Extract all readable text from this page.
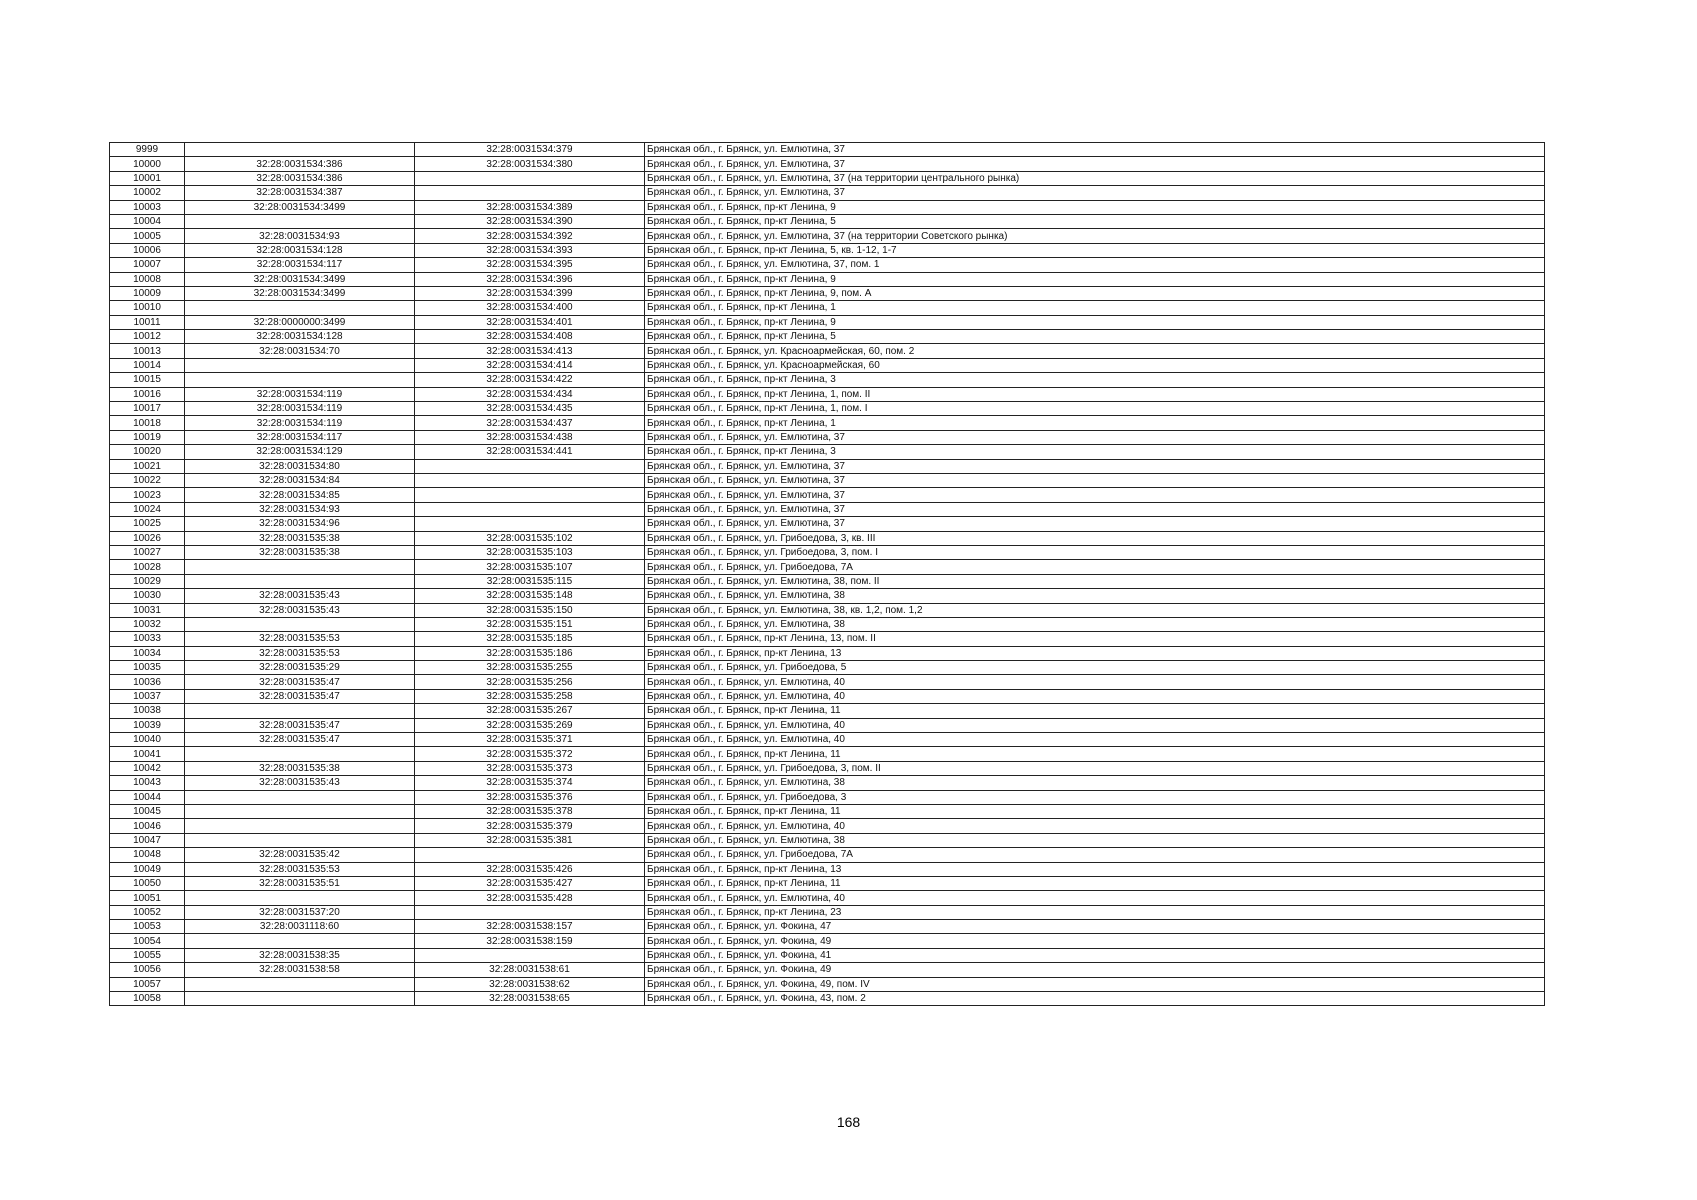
9999		32:28:0031534:379	Брянская обл., г. Брянск, ул. Емлютина, 37
10000	32:28:0031534:386	32:28:0031534:380	Брянская обл., г. Брянск, ул. Емлютина, 37
10001	32:28:0031534:386		Брянская обл., г. Брянск, ул. Емлютина, 37 (на территории центрального рынка)
10002	32:28:0031534:387		Брянская обл., г. Брянск, ул. Емлютина, 37
10003	32:28:0031534:3499	32:28:0031534:389	Брянская обл., г. Брянск, пр-кт Ленина, 9
10004		32:28:0031534:390	Брянская обл., г. Брянск, пр-кт Ленина, 5
10005	32:28:0031534:93	32:28:0031534:392	Брянская обл., г. Брянск, ул. Емлютина, 37 (на территории Советского рынка)
10006	32:28:0031534:128	32:28:0031534:393	Брянская обл., г. Брянск, пр-кт Ленина, 5, кв. 1-12, 1-7
10007	32:28:0031534:117	32:28:0031534:395	Брянская обл., г. Брянск, ул. Емлютина, 37, пом. 1
10008	32:28:0031534:3499	32:28:0031534:396	Брянская обл., г. Брянск, пр-кт Ленина, 9
10009	32:28:0031534:3499	32:28:0031534:399	Брянская обл., г. Брянск, пр-кт Ленина, 9, пом. А
10010		32:28:0031534:400	Брянская обл., г. Брянск, пр-кт Ленина, 1
10011	32:28:0000000:3499	32:28:0031534:401	Брянская обл., г. Брянск, пр-кт Ленина, 9
10012	32:28:0031534:128	32:28:0031534:408	Брянская обл., г. Брянск, пр-кт Ленина, 5
10013	32:28:0031534:70	32:28:0031534:413	Брянская обл., г. Брянск, ул. Красноармейская, 60, пом. 2
10014		32:28:0031534:414	Брянская обл., г. Брянск, ул. Красноармейская, 60
10015		32:28:0031534:422	Брянская обл., г. Брянск, пр-кт Ленина, 3
10016	32:28:0031534:119	32:28:0031534:434	Брянская обл., г. Брянск, пр-кт Ленина, 1, пом. II
10017	32:28:0031534:119	32:28:0031534:435	Брянская обл., г. Брянск, пр-кт Ленина, 1, пом. I
10018	32:28:0031534:119	32:28:0031534:437	Брянская обл., г. Брянск, пр-кт Ленина, 1
10019	32:28:0031534:117	32:28:0031534:438	Брянская обл., г. Брянск, ул. Емлютина, 37
10020	32:28:0031534:129	32:28:0031534:441	Брянская обл., г. Брянск, пр-кт Ленина, 3
10021	32:28:0031534:80		Брянская обл., г. Брянск, ул. Емлютина, 37
10022	32:28:0031534:84		Брянская обл., г. Брянск, ул. Емлютина, 37
10023	32:28:0031534:85		Брянская обл., г. Брянск, ул. Емлютина, 37
10024	32:28:0031534:93		Брянская обл., г. Брянск, ул. Емлютина, 37
10025	32:28:0031534:96		Брянская обл., г. Брянск, ул. Емлютина, 37
10026	32:28:0031535:38	32:28:0031535:102	Брянская обл., г. Брянск, ул. Грибоедова, 3, кв. III
10027	32:28:0031535:38	32:28:0031535:103	Брянская обл., г. Брянск, ул. Грибоедова, 3, пом. I
10028		32:28:0031535:107	Брянская обл., г. Брянск, ул. Грибоедова, 7А
10029		32:28:0031535:115	Брянская обл., г. Брянск, ул. Емлютина, 38, пом. II
10030	32:28:0031535:43	32:28:0031535:148	Брянская обл., г. Брянск, ул. Емлютина, 38
10031	32:28:0031535:43	32:28:0031535:150	Брянская обл., г. Брянск, ул. Емлютина, 38, кв. 1,2, пом. 1,2
10032		32:28:0031535:151	Брянская обл., г. Брянск, ул. Емлютина, 38
10033	32:28:0031535:53	32:28:0031535:185	Брянская обл., г. Брянск, пр-кт Ленина, 13, пом. II
10034	32:28:0031535:53	32:28:0031535:186	Брянская обл., г. Брянск, пр-кт Ленина, 13
10035	32:28:0031535:29	32:28:0031535:255	Брянская обл., г. Брянск, ул. Грибоедова, 5
10036	32:28:0031535:47	32:28:0031535:256	Брянская обл., г. Брянск, ул. Емлютина, 40
10037	32:28:0031535:47	32:28:0031535:258	Брянская обл., г. Брянск, ул. Емлютина, 40
10038		32:28:0031535:267	Брянская обл., г. Брянск, пр-кт Ленина, 11
10039	32:28:0031535:47	32:28:0031535:269	Брянская обл., г. Брянск, ул. Емлютина, 40
10040	32:28:0031535:47	32:28:0031535:371	Брянская обл., г. Брянск, ул. Емлютина, 40
10041		32:28:0031535:372	Брянская обл., г. Брянск, пр-кт Ленина, 11
10042	32:28:0031535:38	32:28:0031535:373	Брянская обл., г. Брянск, ул. Грибоедова, 3, пом. II
10043	32:28:0031535:43	32:28:0031535:374	Брянская обл., г. Брянск, ул. Емлютина, 38
10044		32:28:0031535:376	Брянская обл., г. Брянск, ул. Грибоедова, 3
10045		32:28:0031535:378	Брянская обл., г. Брянск, пр-кт Ленина, 11
10046		32:28:0031535:379	Брянская обл., г. Брянск, ул. Емлютина, 40
10047		32:28:0031535:381	Брянская обл., г. Брянск, ул. Емлютина, 38
10048	32:28:0031535:42		Брянская обл., г. Брянск, ул. Грибоедова, 7А
10049	32:28:0031535:53	32:28:0031535:426	Брянская обл., г. Брянск, пр-кт Ленина, 13
10050	32:28:0031535:51	32:28:0031535:427	Брянская обл., г. Брянск, пр-кт Ленина, 11
10051		32:28:0031535:428	Брянская обл., г. Брянск, ул. Емлютина, 40
10052	32:28:0031537:20		Брянская обл., г. Брянск, пр-кт Ленина, 23
10053	32:28:0031118:60	32:28:0031538:157	Брянская обл., г. Брянск, ул. Фокина, 47
10054		32:28:0031538:159	Брянская обл., г. Брянск, ул. Фокина, 49
10055	32:28:0031538:35		Брянская обл., г. Брянск, ул. Фокина, 41
10056	32:28:0031538:58	32:28:0031538:61	Брянская обл., г. Брянск, ул. Фокина, 49
10057		32:28:0031538:62	Брянская обл., г. Брянск, ул. Фокина, 49, пом. IV
10058		32:28:0031538:65	Брянская обл., г. Брянск, ул. Фокина, 43, пом. 2
168
